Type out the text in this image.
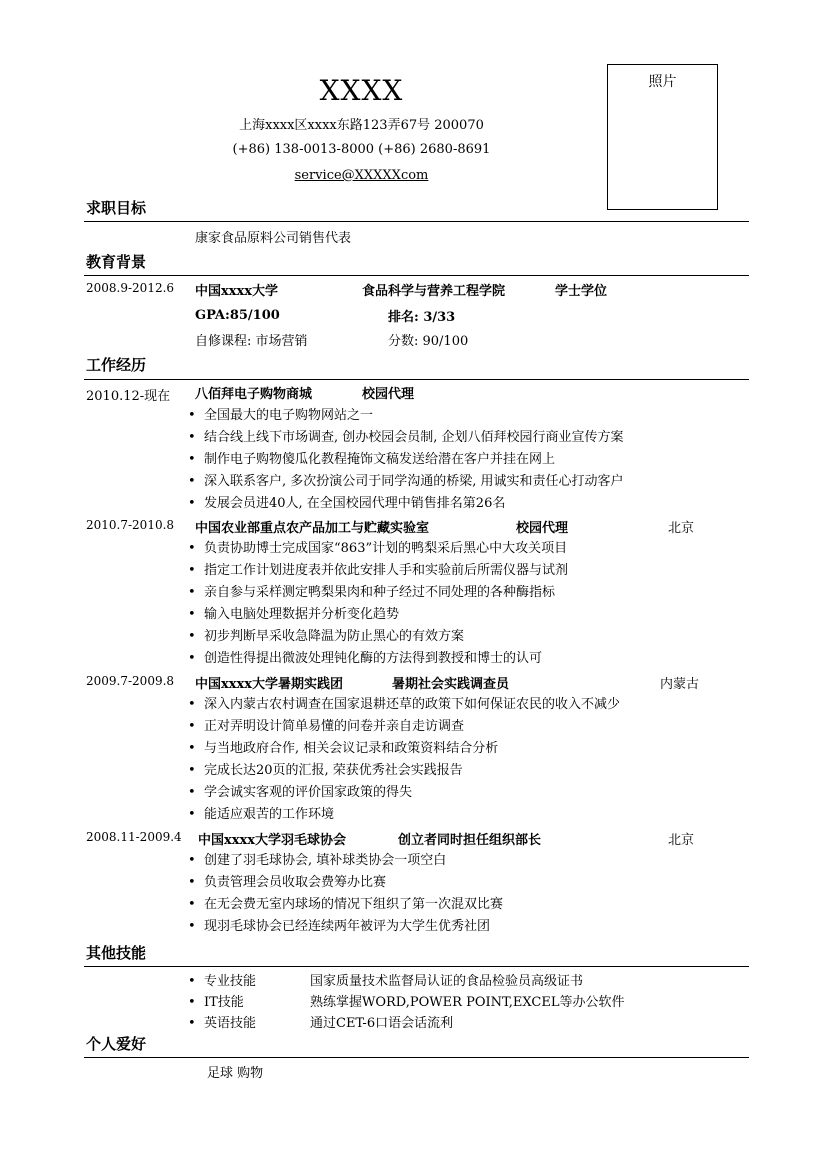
XXXX
上海xxxx区xxxx东路123弄67号 200070
(+86) 138-0013-8000 (+86) 2680-8691
service@XXXXXcom
照片
求职目标
康家食品原料公司销售代表
教育背景
2008.9-2012.6 中国xxxx大学	食品科学与营养工程学院	学士学位
GPA:85/100	排名: 3/33
自修课程: 市场营销	分数: 90/100
工作经历
2010.12-现在 八佰拜电子购物商城	校园代理
• 全国最大的电子购物网站之一
• 结合线上线下市场调查, 创办校园会员制, 企划八佰拜校园行商业宣传方案
• 制作电子购物傻瓜化教程掩饰文稿发送给潜在客户并挂在网上
• 深入联系客户, 多次扮演公司于同学沟通的桥梁, 用诚实和责任心打动客户
• 发展会员进40人, 在全国校园代理中销售排名第26名
2010.7-2010.8 中国农业部重点农产品加工与贮藏实验室	校园代理	北京
• 负责协助博士完成国家“863”计划的鸭梨采后黑心中大攻关项目
• 指定工作计划进度表并依此安排人手和实验前后所需仪器与试剂
• 亲自参与采样测定鸭梨果肉和种子经过不同处理的各种酶指标
• 输入电脑处理数据并分析变化趋势
• 初步判断早采收急降温为防止黑心的有效方案
• 创造性得提出微波处理钝化酶的方法得到教授和博士的认可
2009.7-2009.8 中国xxxx大学暑期实践团	暑期社会实践调查员	内蒙古
• 深入内蒙古农村调查在国家退耕还草的政策下如何保证农民的收入不减少
• 正对弄明设计简单易懂的问卷并亲自走访调查
• 与当地政府合作, 相关会议记录和政策资料结合分析
• 完成长达20页的汇报, 荣获优秀社会实践报告
• 学会诚实客观的评价国家政策的得失
• 能适应艰苦的工作环境
2008.11-2009.4 中国xxxx大学羽毛球协会	创立者同时担任组织部长	北京
• 创建了羽毛球协会, 填补球类协会一项空白
• 负责管理会员收取会费筹办比赛
• 在无会费无室内球场的情况下组织了第一次混双比赛
• 现羽毛球协会已经连续两年被评为大学生优秀社团
其他技能
• 专业技能	国家质量技术监督局认证的食品检验员高级证书
• IT技能	熟练掌握WORD,POWER POINT,EXCEL等办公软件
• 英语技能	通过CET-6口语会话流利
个人爱好
足球 购物
